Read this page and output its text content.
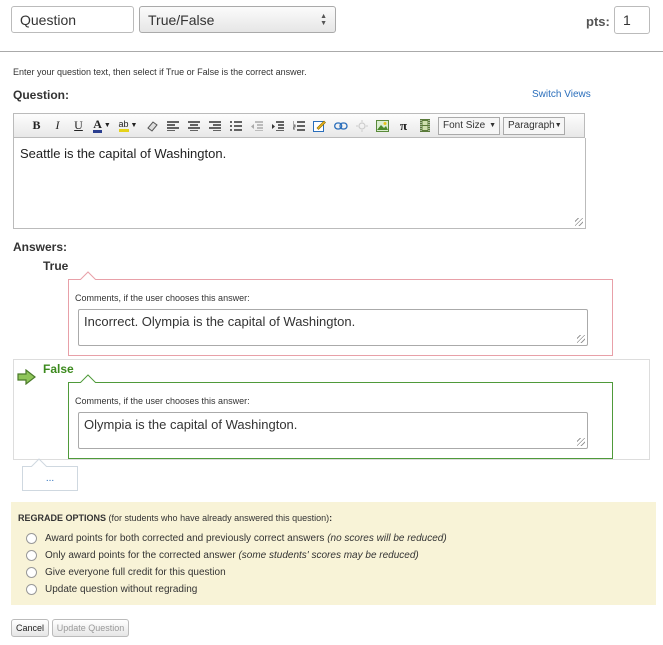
Question	True/False	▲
▼	pts: 1
Enter your question text, then select if True or False is the correct answer.
Question:	Switch Views
B	I	U A ▼ ab ▼	π	Font Size ▼ Paragraph ▼
Seattle is the capital of Washington.
Answers:
True
Comments, if the user chooses this answer:
Incorrect. Olympia is the capital of Washington.
False
Comments, if the user chooses this answer:
Olympia is the capital of Washington.
...
REGRADE OPTIONS (for students who have already answered this question):
Award points for both corrected and previously correct answers (no scores will be reduced)
Only award points for the corrected answer (some students' scores may be reduced)
Give everyone full credit for this question
Update question without regrading
Cancel Update Question
